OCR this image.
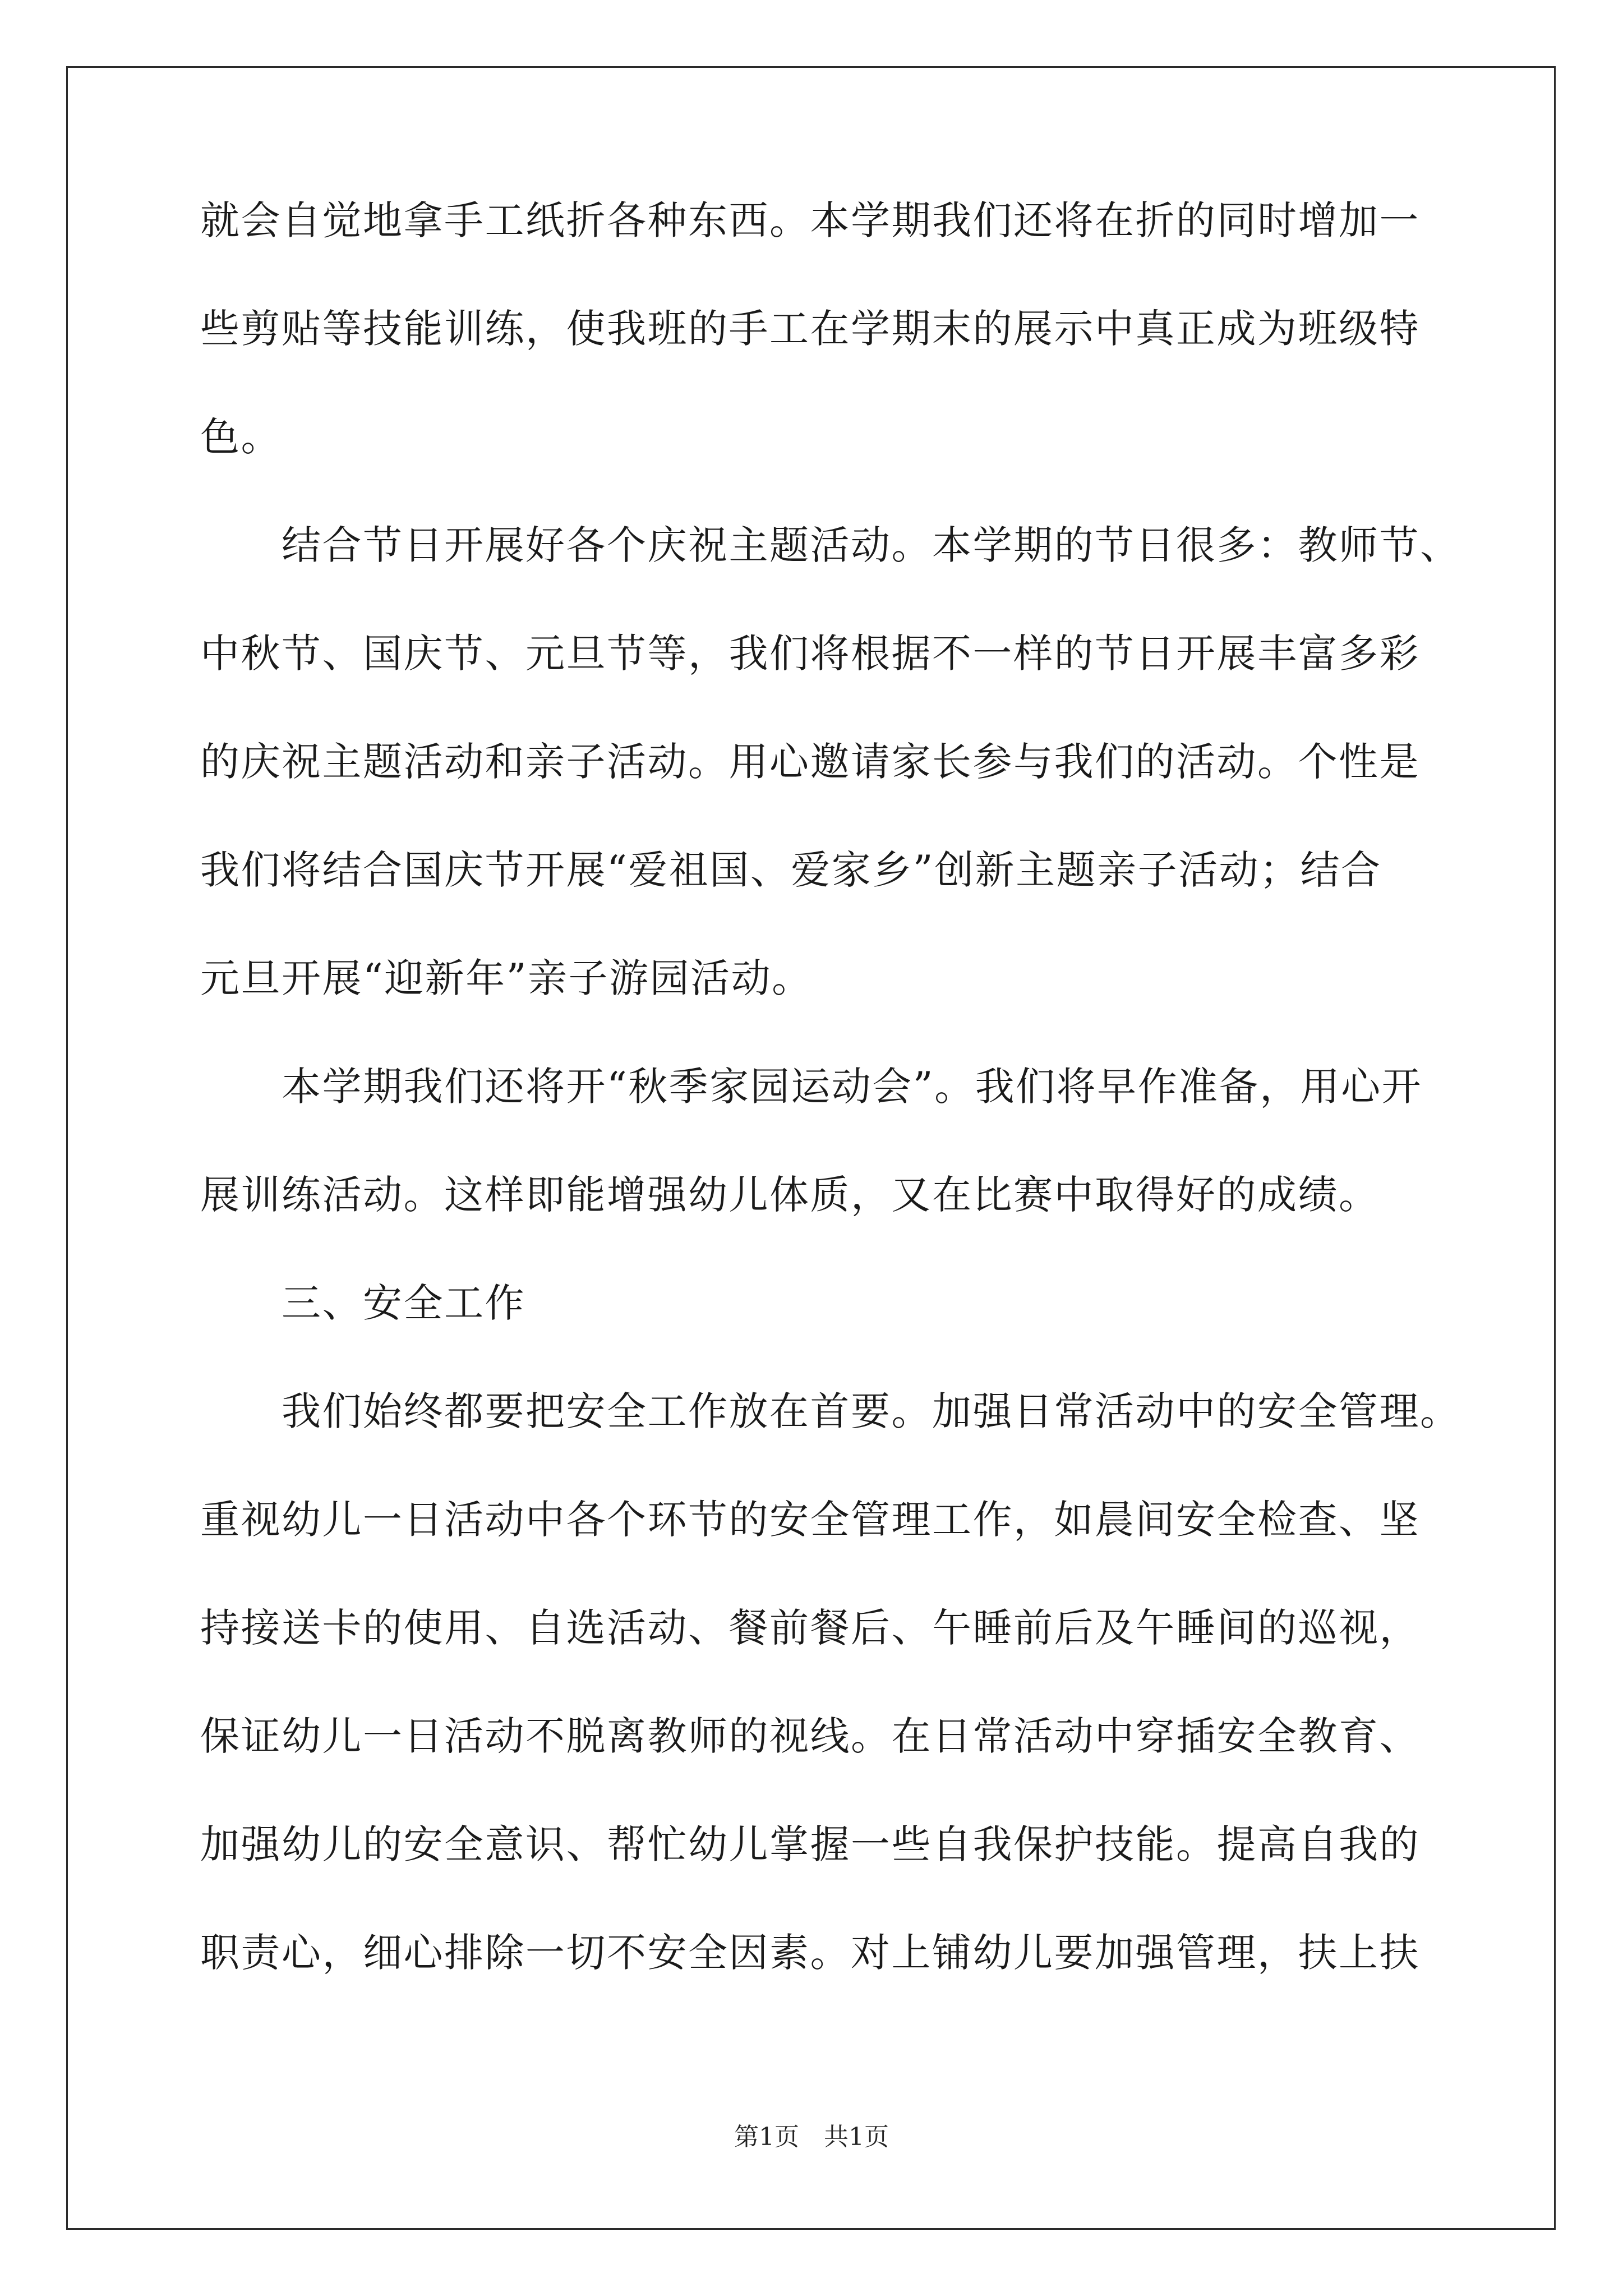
就会自觉地拿手工纸折各种东西。本学期我们还将在折的同时增加一
些剪贴等技能训练，使我班的手工在学期末的展示中真正成为班级特
色。
　　结合节日开展好各个庆祝主题活动。本学期的节日很多：教师节、
中秋节、国庆节、元旦节等，我们将根据不一样的节日开展丰富多彩
的庆祝主题活动和亲子活动。用心邀请家长参与我们的活动。个性是
我们将结合国庆节开展“爱祖国、爱家乡”创新主题亲子活动；结合
元旦开展“迎新年”亲子游园活动。
　　本学期我们还将开“秋季家园运动会”。我们将早作准备，用心开
展训练活动。这样即能增强幼儿体质，又在比赛中取得好的成绩。
　　三、安全工作
　　我们始终都要把安全工作放在首要。加强日常活动中的安全管理。
重视幼儿一日活动中各个环节的安全管理工作，如晨间安全检查、坚
持接送卡的使用、自选活动、餐前餐后、午睡前后及午睡间的巡视，
保证幼儿一日活动不脱离教师的视线。在日常活动中穿插安全教育、
加强幼儿的安全意识、帮忙幼儿掌握一些自我保护技能。提高自我的
职责心，细心排除一切不安全因素。对上铺幼儿要加强管理，扶上扶
第1页　共1页
